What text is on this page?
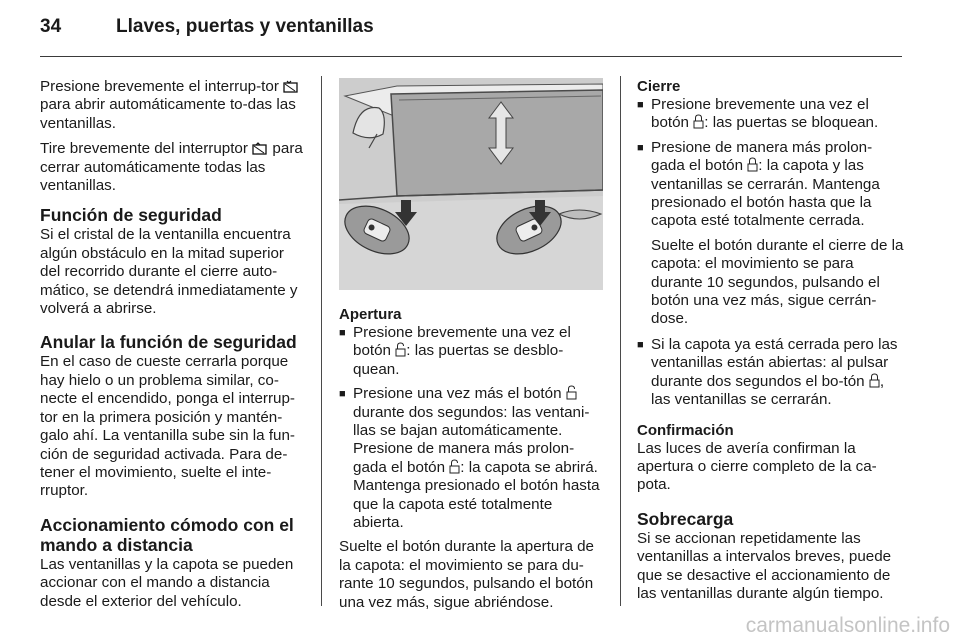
34	Llaves, puertas y ventanillas

Presione brevemente el interrup-tor  para abrir automáticamente to-das las ventanillas.

Tire brevemente del interruptor para cerrar automáticamente todas las ventanillas.

Función de seguridad

Si el cristal de la ventanilla encuentra algún obstáculo en la mitad superior del recorrido durante el cierre auto-mático, se detendrá inmediatamente y volverá a abrirse.

Anular la función de seguridad

En el caso de cueste cerrarla porque hay hielo o un problema similar, co-necte el encendido, ponga el interrup-tor en la primera posición y mantén-galo ahí. La ventanilla sube sin la fun-ción de seguridad activada. Para de-tener el movimiento, suelte el inte-rruptor.

Accionamiento cómodo con el mando a distancia

Las ventanillas y la capota se pueden accionar con el mando a distancia desde el exterior del vehículo.

Apertura
■ Presione brevemente una vez el botón : las puertas se desblo-quean.
■ Presione una vez más el botón  durante dos segundos: las ventani-llas se bajan automáticamente.
Presione de manera más prolon-gada el botón : la capota se abrirá. Mantenga presionado el botón hasta que la capota esté totalmente abierta.

Suelte el botón durante la apertura de la capota: el movimiento se para du-rante 10 segundos, pulsando el botón una vez más, sigue abriéndose.

Cierre
■ Presione brevemente una vez el botón : las puertas se bloquean.
■ Presione de manera más prolon-gada el botón : la capota y las ventanillas se cerrarán. Mantenga presionado el botón hasta que la capota esté totalmente cerrada.

Suelte el botón durante el cierre de la capota: el movimiento se para durante 10 segundos, pulsando el botón una vez más, sigue cerrán-dose.

■ Si la capota ya está cerrada pero las ventanillas están abiertas: al pulsar durante dos segundos el bo-tón , las ventanillas se cerrarán.
Confirmación

Las luces de avería confirman la apertura o cierre completo de la ca-pota.

Sobrecarga

Si se accionan repetidamente las ventanillas a intervalos breves, puede que se desactive el accionamiento de las ventanillas durante algún tiempo.

carmanualsonline.info
